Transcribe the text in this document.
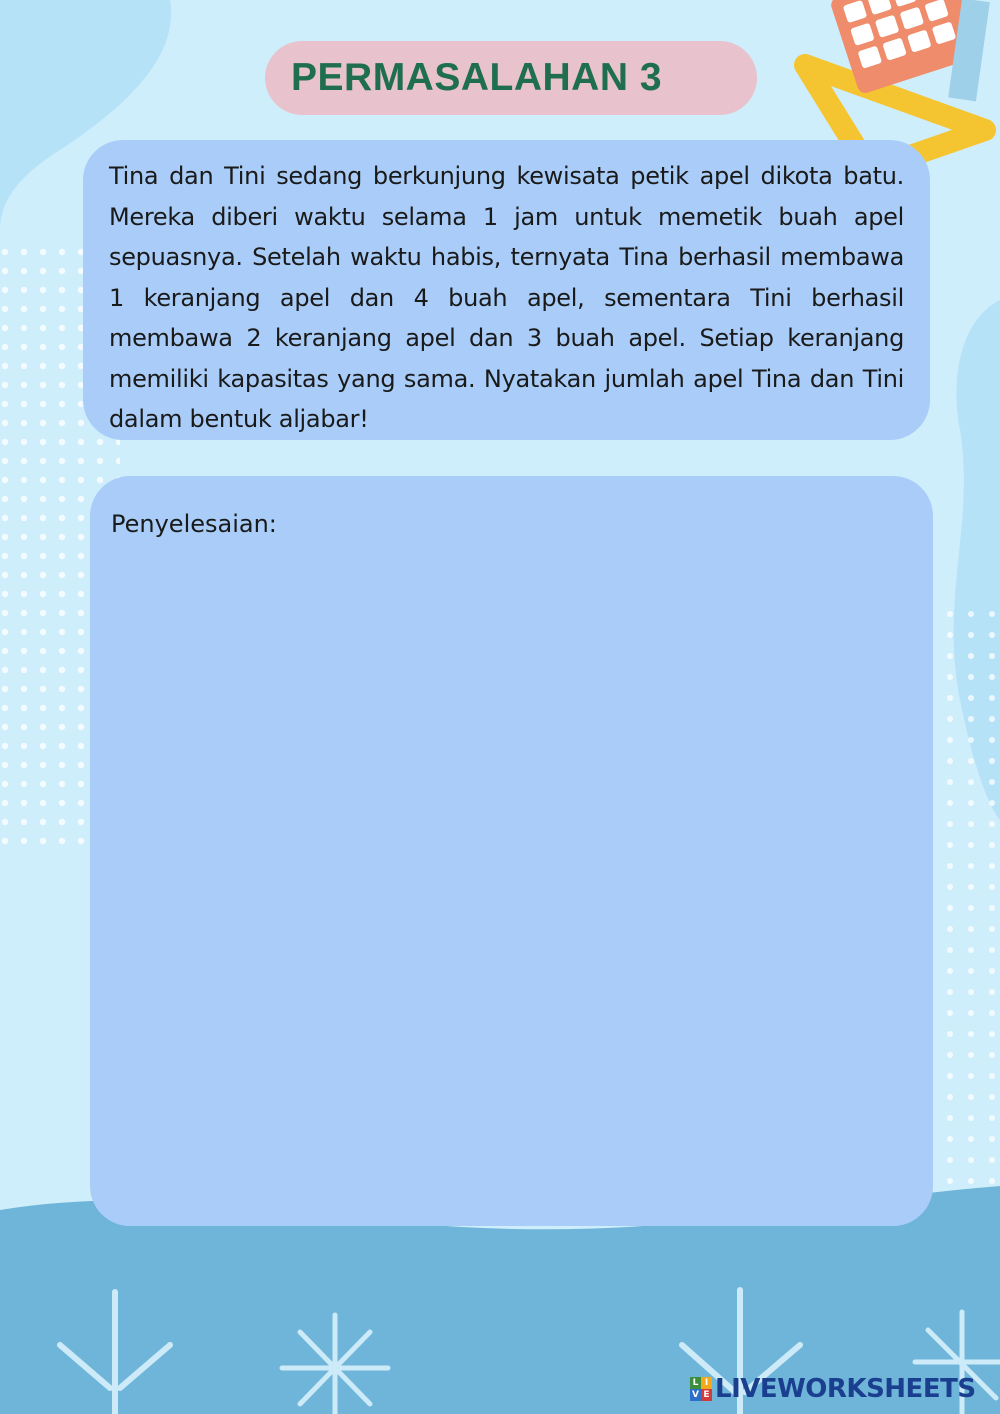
PERMASALAHAN 3

Tina dan Tini sedang berkunjung kewisata petik apel dikota batu. Mereka diberi waktu selama 1 jam untuk memetik buah apel sepuasnya. Setelah waktu habis, ternyata Tina berhasil membawa 1 keranjang apel dan 4 buah apel, sementara Tini berhasil membawa 2 keranjang apel dan 3 buah apel. Setiap keranjang memiliki kapasitas yang sama. Nyatakan jumlah apel Tina dan Tini dalam bentuk aljabar!

Penyelesaian:
L I
V E LIVEWORKSHEETS
